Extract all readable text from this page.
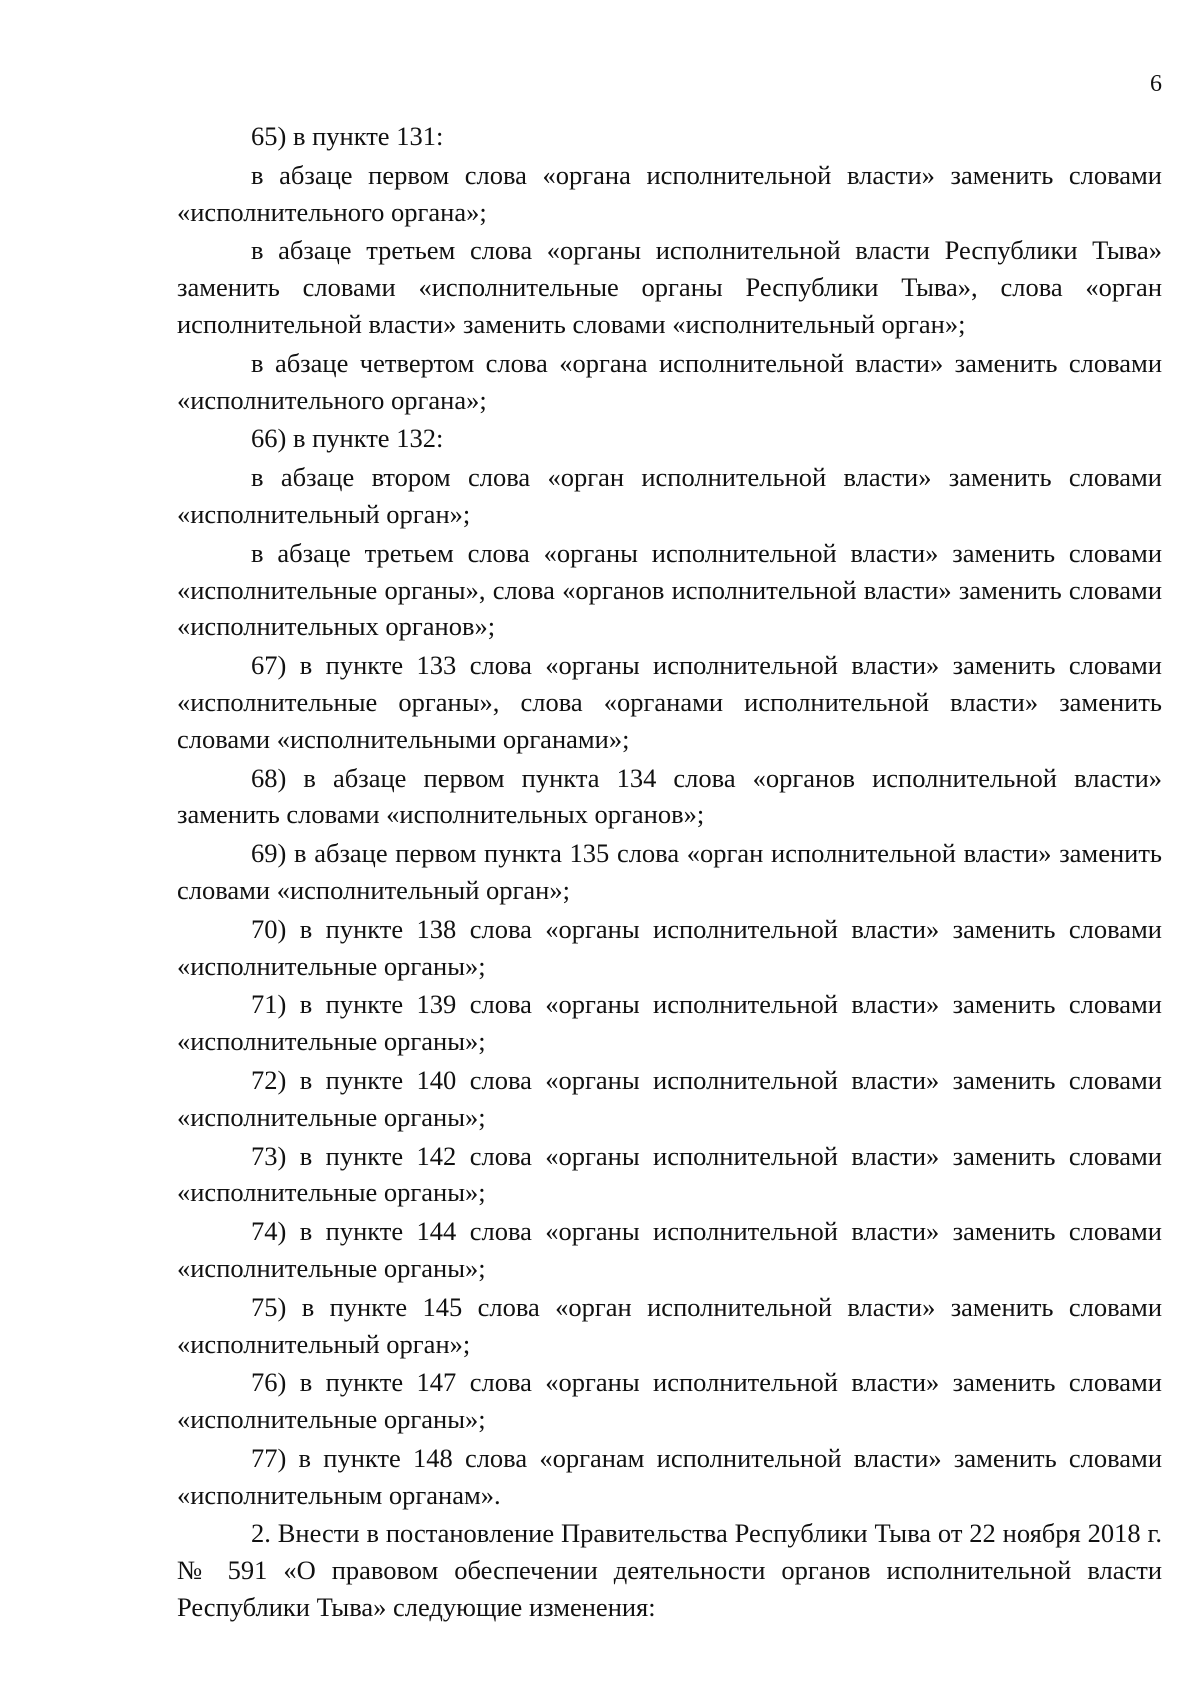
6

65) в пункте 131:

в абзаце первом слова «органа исполнительной власти» заменить словами «исполнительного органа»;

в абзаце третьем слова «органы исполнительной власти Республики Тыва» заменить словами «исполнительные органы Республики Тыва», слова «орган исполнительной власти» заменить словами «исполнительный орган»;

в абзаце четвертом слова «органа исполнительной власти» заменить словами «исполнительного органа»;

66) в пункте 132:

в абзаце втором слова «орган исполнительной власти» заменить словами «исполнительный орган»;

в абзаце третьем слова «органы исполнительной власти» заменить словами «исполнительные органы», слова «органов исполнительной власти» заменить словами «исполнительных органов»;

67) в пункте 133 слова «органы исполнительной власти» заменить словами «исполнительные органы», слова «органами исполнительной власти» заменить словами «исполнительными органами»;

68) в абзаце первом пункта 134 слова «органов исполнительной власти» заменить словами «исполнительных органов»;

69) в абзаце первом пункта 135 слова «орган исполнительной власти» заменить словами «исполнительный орган»;

70) в пункте 138 слова «органы исполнительной власти» заменить словами «исполнительные органы»;

71) в пункте 139 слова «органы исполнительной власти» заменить словами «исполнительные органы»;

72) в пункте 140 слова «органы исполнительной власти» заменить словами «исполнительные органы»;

73) в пункте 142 слова «органы исполнительной власти» заменить словами «исполнительные органы»;

74) в пункте 144 слова «органы исполнительной власти» заменить словами «исполнительные органы»;

75) в пункте 145 слова «орган исполнительной власти» заменить словами «исполнительный орган»;

76) в пункте 147 слова «органы исполнительной власти» заменить словами «исполнительные органы»;

77) в пункте 148 слова «органам исполнительной власти» заменить словами «исполнительным органам».

2. Внести в постановление Правительства Республики Тыва от 22 ноября 2018 г. № 591 «О правовом обеспечении деятельности органов исполнительной власти Республики Тыва» следующие изменения:
